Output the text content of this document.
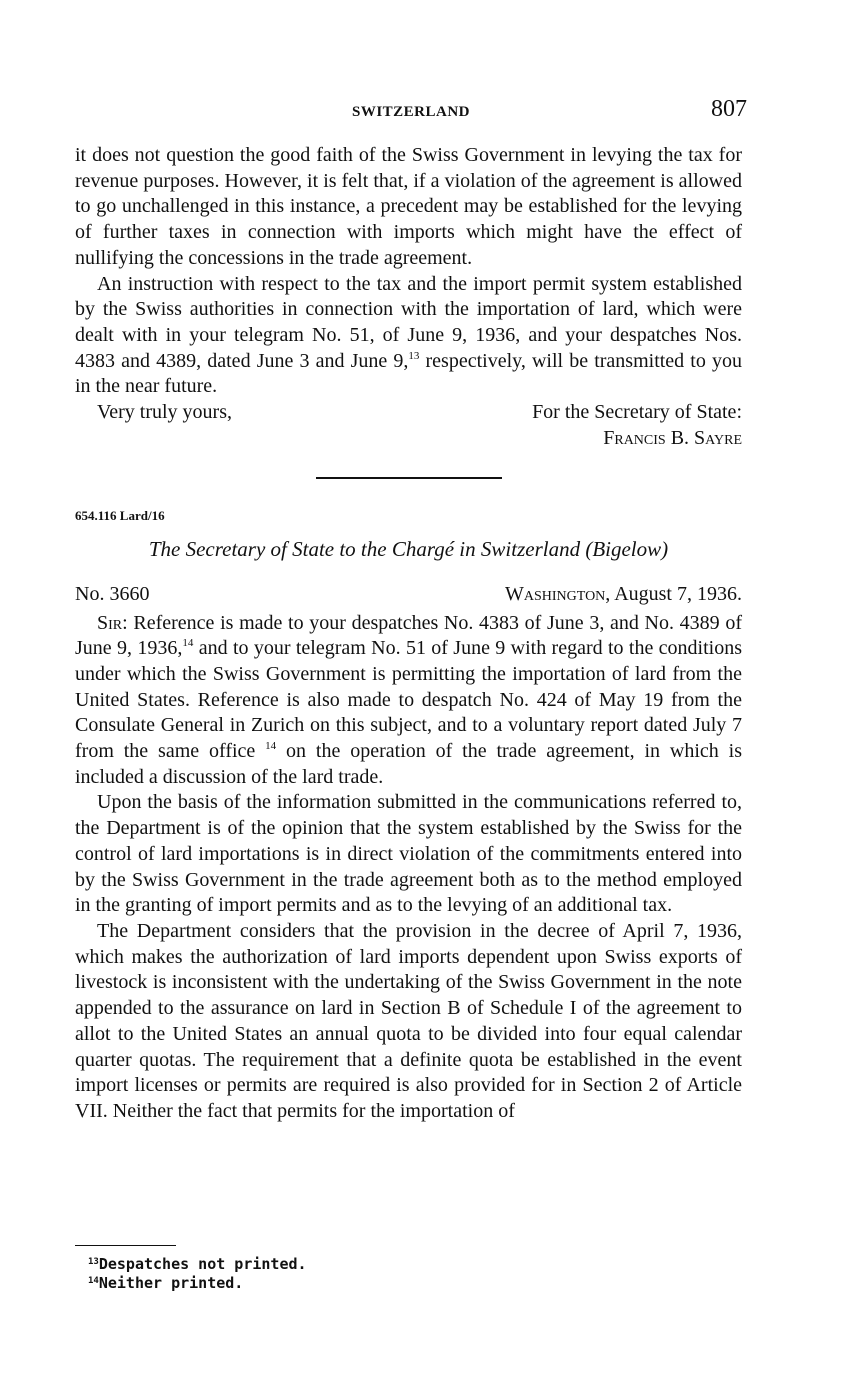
SWITZERLAND	807

it does not question the good faith of the Swiss Government in levying the tax for revenue purposes. However, it is felt that, if a violation of the agreement is allowed to go unchallenged in this instance, a precedent may be established for the levying of further taxes in connection with imports which might have the effect of nullifying the concessions in the trade agreement.

An instruction with respect to the tax and the import permit system established by the Swiss authorities in connection with the importation of lard, which were dealt with in your telegram No. 51, of June 9, 1936, and your despatches Nos. 4383 and 4389, dated June 3 and June 9,13 respectively, will be transmitted to you in the near future.

Very truly yours,	For the Secretary of State:
Francis B. Sayre
654.116 Lard/16
The Secretary of State to the Chargé in Switzerland (Bigelow)
No. 3660	Washington, August 7, 1936.

Sir: Reference is made to your despatches No. 4383 of June 3, and No. 4389 of June 9, 1936,14 and to your telegram No. 51 of June 9 with regard to the conditions under which the Swiss Government is permitting the importation of lard from the United States. Reference is also made to despatch No. 424 of May 19 from the Consulate General in Zurich on this subject, and to a voluntary report dated July 7 from the same office $^{14}$ on the operation of the trade agreement, in which is included a discussion of the lard trade.

Upon the basis of the information submitted in the communications referred to, the Department is of the opinion that the system established by the Swiss for the control of lard importations is in direct violation of the commitments entered into by the Swiss Government in the trade agreement both as to the method employed in the granting of import permits and as to the levying of an additional tax.

The Department considers that the provision in the decree of April 7, 1936, which makes the authorization of lard imports dependent upon Swiss exports of livestock is inconsistent with the undertaking of the Swiss Government in the note appended to the assurance on lard in Section B of Schedule I of the agreement to allot to the United States an annual quota to be divided into four equal calendar quarter quotas. The requirement that a definite quota be established in the event import licenses or permits are required is also provided for in Section 2 of Article VII. Neither the fact that permits for the importation of

$^{13}$Despatches not printed.
$^{14}$Neither printed.
